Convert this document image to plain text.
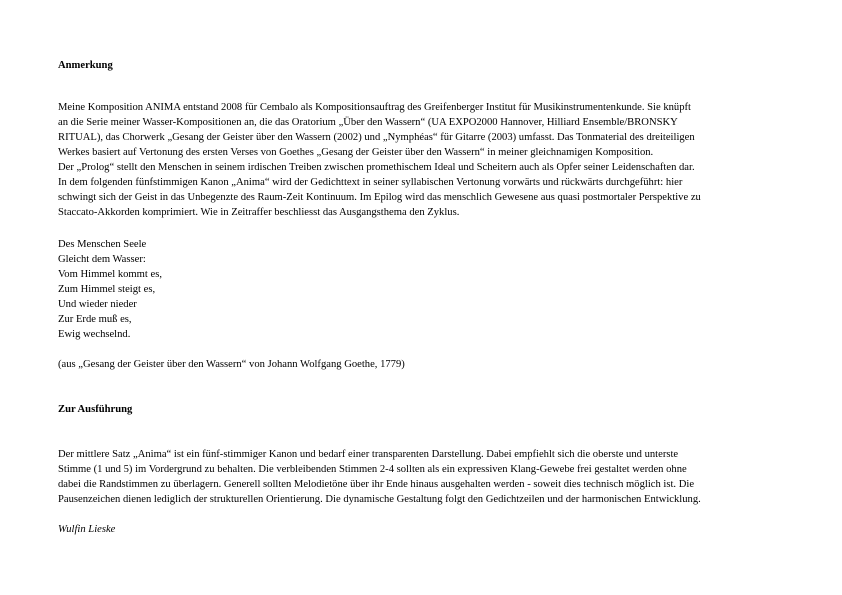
Anmerkung
Meine Komposition ANIMA entstand 2008 für Cembalo als Kompositionsauftrag des Greifenberger Institut für Musikinstrumentenkunde. Sie knüpft
an die Serie meiner Wasser-Kompositionen an, die das Oratorium „Über den Wassern“ (UA EXPO2000 Hannover, Hilliard Ensemble/BRONSKY
RITUAL), das Chorwerk „Gesang der Geister über den Wassern (2002) und „Nymphéas“ für Gitarre (2003) umfasst. Das Tonmaterial des dreiteiligen
Werkes basiert auf Vertonung des ersten Verses von Goethes „Gesang der Geister über den Wassern“ in meiner gleichnamigen Komposition.
Der „Prolog“ stellt den Menschen in seinem irdischen Treiben zwischen promethischem Ideal und Scheitern auch als Opfer seiner Leidenschaften dar.
In dem folgenden fünfstimmigen Kanon „Anima“ wird der Gedichttext in seiner syllabischen Vertonung vorwärts und rückwärts durchgeführt: hier
schwingt sich der Geist in das Unbegenzte des Raum-Zeit Kontinuum. Im Epilog wird das menschlich Gewesene aus quasi postmortaler Perspektive zu
Staccato-Akkorden komprimiert. Wie in Zeitraffer beschliesst das Ausgangsthema den Zyklus.
Des Menschen Seele
Gleicht dem Wasser:
Vom Himmel kommt es,
Zum Himmel steigt es,
Und wieder nieder
Zur Erde muß es,
Ewig wechselnd.
(aus „Gesang der Geister über den Wassern“ von Johann Wolfgang Goethe, 1779)
Zur Ausführung
Der mittlere Satz „Anima“ ist ein fünf-stimmiger Kanon und bedarf einer transparenten Darstellung. Dabei empfiehlt sich die oberste und unterste
Stimme (1 und 5) im Vordergrund zu behalten. Die verbleibenden Stimmen 2-4 sollten als ein expressiven Klang-Gewebe frei gestaltet werden ohne
dabei die Randstimmen zu überlagern. Generell sollten Melodietöne über ihr Ende hinaus ausgehalten werden - soweit dies technisch möglich ist. Die
Pausenzeichen dienen lediglich der strukturellen Orientierung. Die dynamische Gestaltung folgt den Gedichtzeilen und der harmonischen Entwicklung.
Wulfin Lieske
